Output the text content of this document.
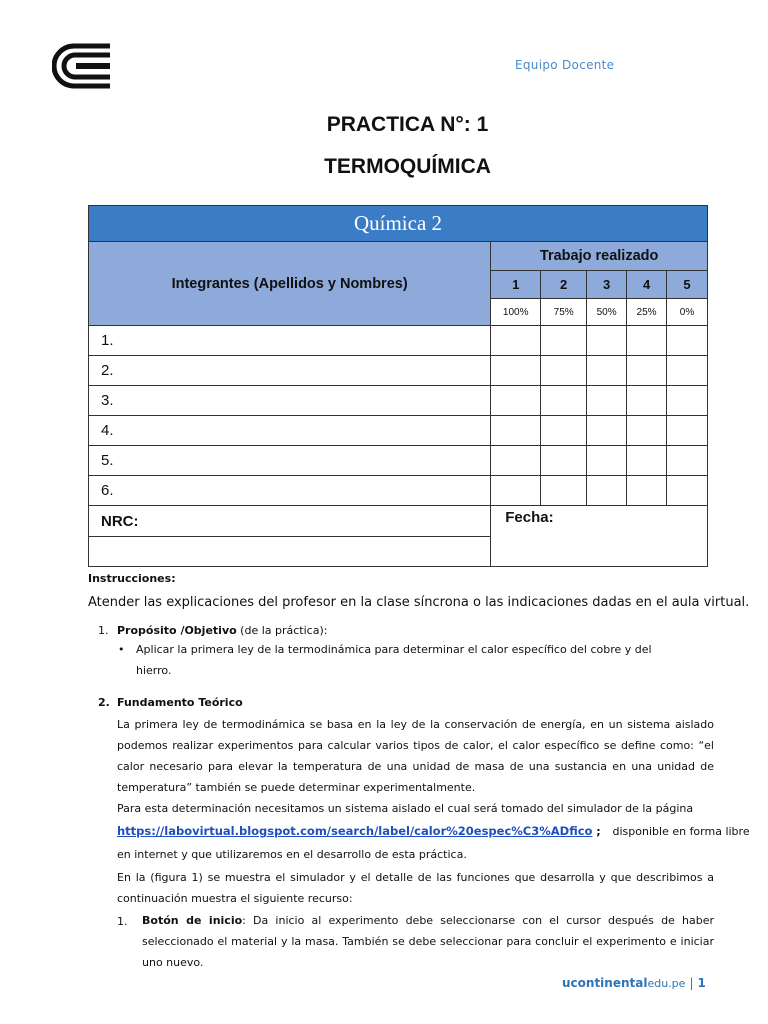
Equipo Docente
PRACTICA N°: 1
TERMOQUÍMICA
Química 2					
Integrantes (Apellidos y Nombres)	Trabajo realizado				
	1	2	3	4	5
	100%	75%	50%	25%	0%
1.					
2.					
3.					
4.					
5.					
6.					
NRC:	Fecha:				

Instrucciones:
Atender las explicaciones del profesor en la clase síncrona o las indicaciones dadas en el aula virtual.
1. Propósito /Objetivo (de la práctica):
• Aplicar la primera ley de la termodinámica para determinar el calor específico del cobre y del
hierro.
2. Fundamento Teórico
La primera ley de termodinámica se basa en la ley de la conservación de energía, en un sistema aislado podemos realizar experimentos para calcular varios tipos de calor, el calor específico se define como: “el calor necesario para elevar la temperatura de una unidad de masa de una sustancia en una unidad de temperatura” también se puede determinar experimentalmente.
Para esta determinación necesitamos un sistema aislado el cual será tomado del simulador de la página
https://labovirtual.blogspot.com/search/label/calor%20espec%C3%ADfico ; disponible en forma libre
en internet y que utilizaremos en el desarrollo de esta práctica.
En la (figura 1) se muestra el simulador y el detalle de las funciones que desarrolla y que describimos a continuación muestra el siguiente recurso:
1. Botón de inicio: Da inicio al experimento debe seleccionarse con el cursor después de haber seleccionado el material y la masa. También se debe seleccionar para concluir el experimento e iniciar uno nuevo.
ucontinentaledu.pe | 1
